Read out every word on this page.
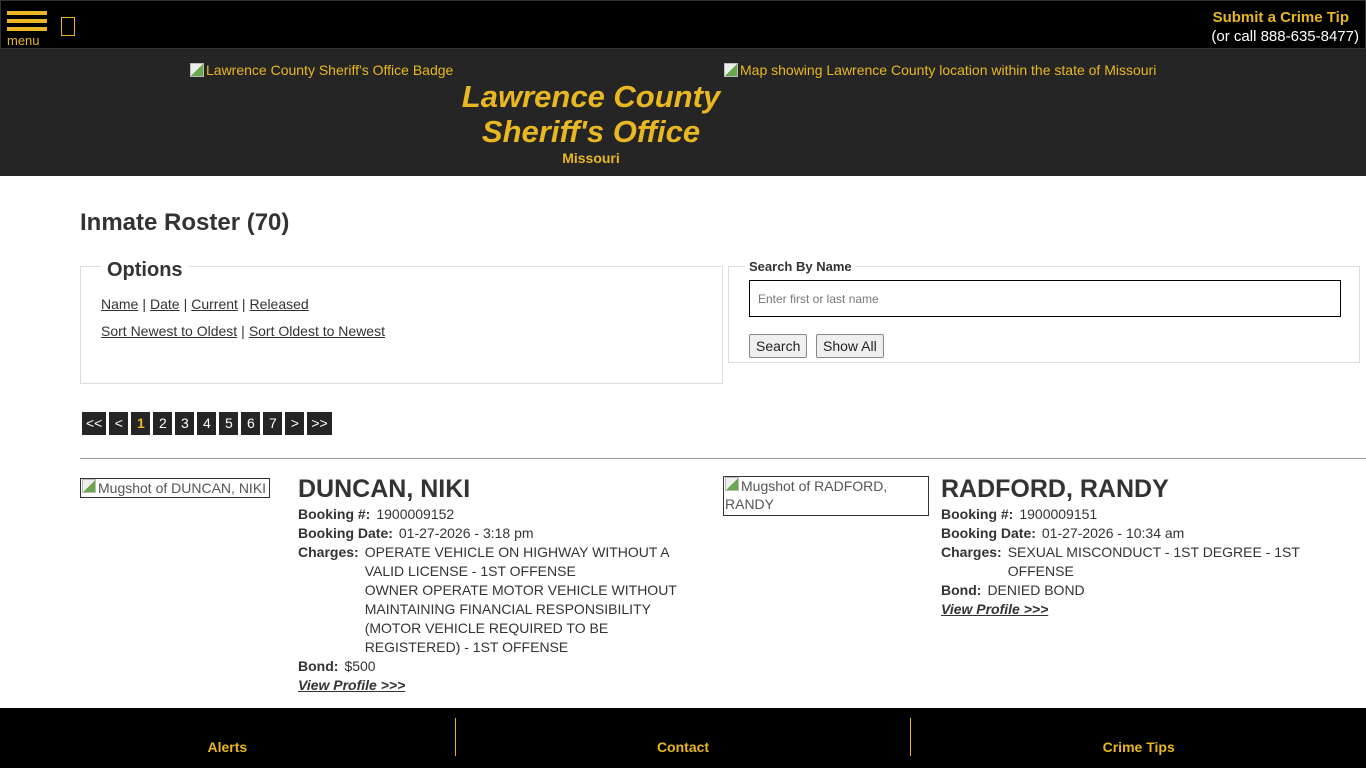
menu
Submit a Crime Tip
(or call 888-635-8477)
Lawrence County Sheriff's Office Badge
Lawrence County
Sheriff's Office
Missouri
Map showing Lawrence County location within the state of Missouri
Inmate Roster (70)
Options
Name | Date | Current | Released
Sort Newest to Oldest | Sort Oldest to Newest
Search By Name
Enter first or last name
Search	Show All
<< <	1	2	3	4	5	6	7	> >>
Mugshot of DUNCAN, NIKI DUNCAN, NIKI
Booking #: 1900009152
Booking Date: 01-27-2026 - 3:18 pm
Charges: OPERATE VEHICLE ON HIGHWAY WITHOUT A VALID LICENSE - 1ST OFFENSE
OWNER OPERATE MOTOR VEHICLE WITHOUT MAINTAINING FINANCIAL RESPONSIBILITY (MOTOR VEHICLE REQUIRED TO BE REGISTERED) - 1ST OFFENSE
Bond: $500
View Profile >>>
Mugshot of RADFORD, RANDY
RADFORD, RANDY
Booking #: 1900009151
Booking Date: 01-27-2026 - 10:34 am
Charges: SEXUAL MISCONDUCT - 1ST DEGREE - 1ST OFFENSE
Bond: DENIED BOND
View Profile >>>
Alerts	Contact	Crime Tips
